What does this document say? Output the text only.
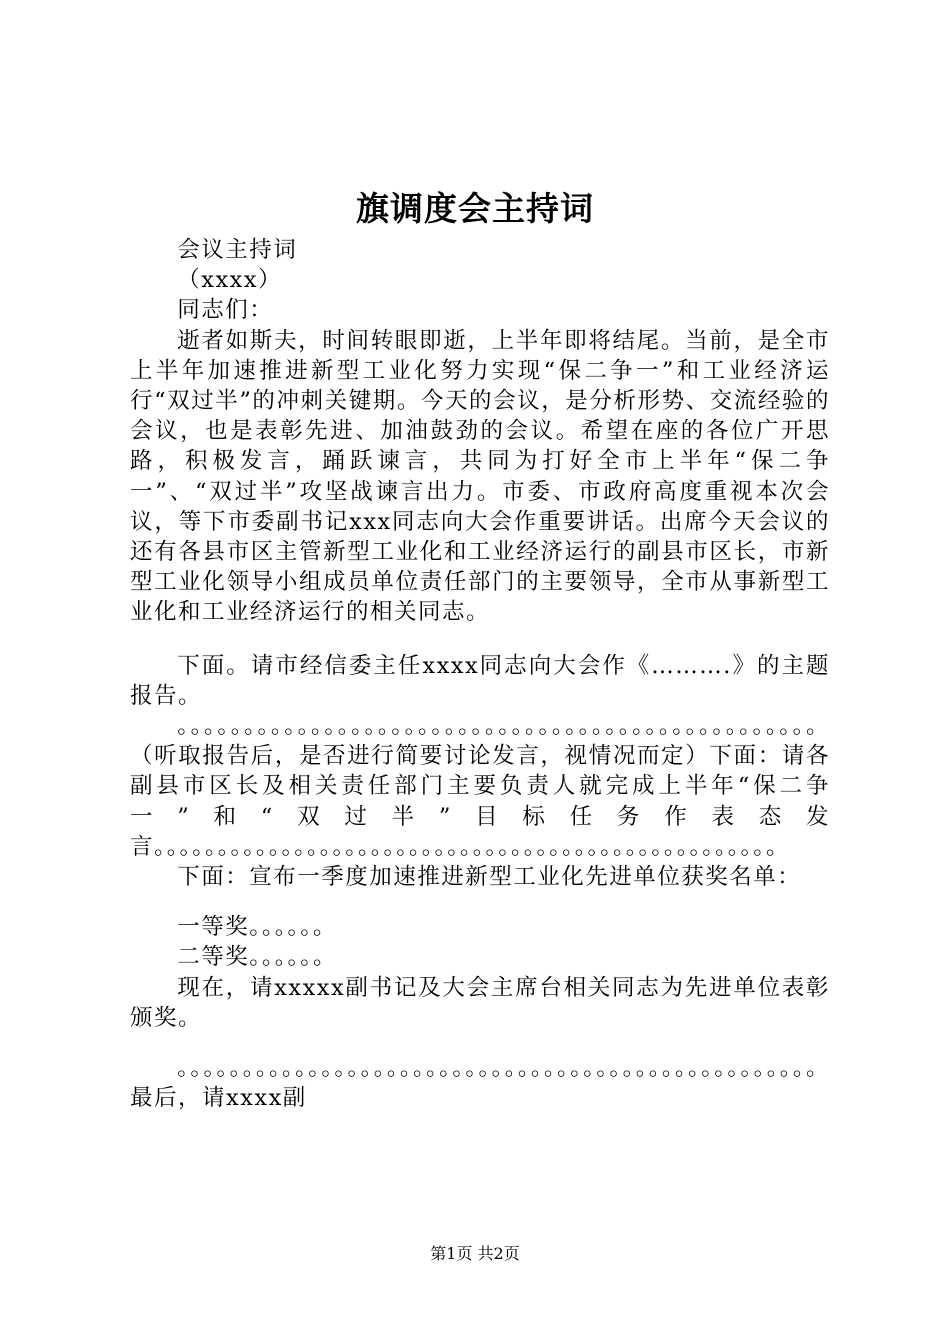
旗调度会主持词

会议主持词

（xxxx）

同志们：

逝者如斯夫，时间转眼即逝，上半年即将结尾。当前，是全市上半年加速推进新型工业化努力实现“保二争一”和工业经济运行“双过半”的冲刺关键期。今天的会议，是分析形势、交流经验的会议，也是表彰先进、加油鼓劲的会议。希望在座的各位广开思路，积极发言，踊跃谏言，共同为打好全市上半年“保二争一”、“双过半”攻坚战谏言出力。市委、市政府高度重视本次会议，等下市委副书记xxx同志向大会作重要讲话。出席今天会议的还有各县市区主管新型工业化和工业经济运行的副县市区长，市新型工业化领导小组成员单位责任部门的主要领导，全市从事新型工业化和工业经济运行的相关同志。

下面。请市经信委主任xxxx同志向大会作《……….》的主题报告。

。。。。。。。。。。。。。。。。。。。。。。。。。。。。。。。。。。。。。。。。。。。。。。。。（听取报告后，是否进行简要讨论发言，视情况而定）下面：请各副县市区长及相关责任部门主要负责人就完成上半年“保二争一”和“双过半”目标任务作表态发言。。。。。。。。。。。。。。。。。。。。。。。。。。。。。。。。。。。。。。。。。。。。。。。。。

下面：宣布一季度加速推进新型工业化先进单位获奖名单：

一等奖。。。。。。

二等奖。。。。。。

现在，请xxxxx副书记及大会主席台相关同志为先进单位表彰颁奖。

。。。。。。。。。。。。。。。。。。。。。。。。。。。。。。。。。。。。。。。。。。。。。。。。。最后，请xxxx副

第1页 共2页
